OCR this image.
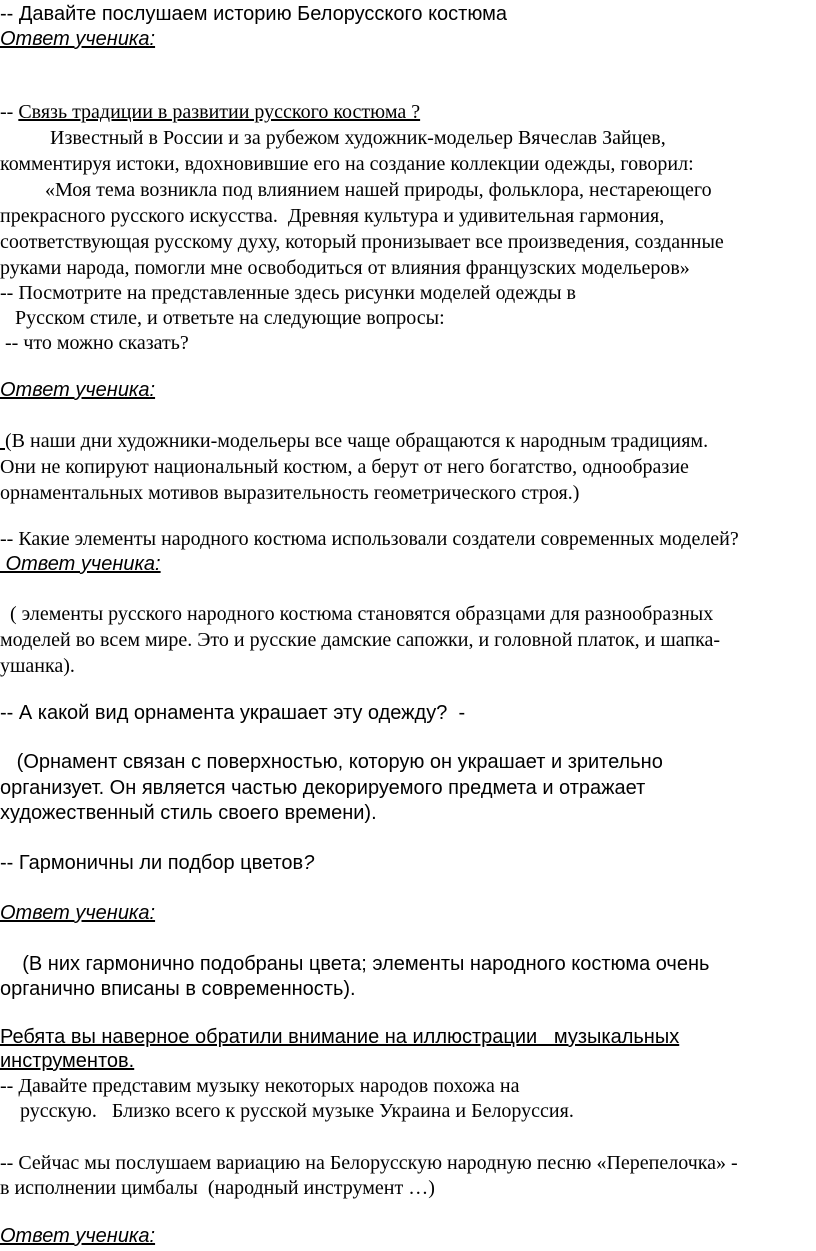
-- Давайте послушаем историю Белорусского костюма
Ответ ученика:
-- Связь традиции в развитии русского костюма ?
Известный в России и за рубежом художник-модельер Вячеслав Зайцев,
комментируя истоки, вдохновившие его на создание коллекции одежды, говорил:
«Моя тема возникла под влиянием нашей природы, фольклора, нестареющего
прекрасного русского искусства.  Древняя культура и удивительная гармония,
соответствующая русскому духу, который пронизывает все произведения, созданные
руками народа, помогли мне освободиться от влияния французских модельеров»
-- Посмотрите на представленные здесь рисунки моделей одежды в
Русском стиле, и ответьте на следующие вопросы:
-- что можно сказать?
Ответ ученика:
(В наши дни художники-модельеры все чаще обращаются к народным традициям.
Они не копируют национальный костюм, а берут от него богатство, однообразие
орнаментальных мотивов выразительность геометрического строя.)
-- Какие элементы народного костюма использовали создатели современных моделей?
Ответ ученика:
( элементы русского народного костюма становятся образцами для разнообразных
моделей во всем мире. Это и русские дамские сапожки, и головной платок, и шапка-
ушанка).
-- А какой вид орнамента украшает эту одежду?  -
(Орнамент связан с поверхностью, которую он украшает и зрительно
организует. Он является частью декорируемого предмета и отражает
художественный стиль своего времени).
-- Гармоничны ли подбор цветов?
Ответ ученика:
(В них гармонично подобраны цвета; элементы народного костюма очень
органично вписаны в современность).
Ребята вы наверное обратили внимание на иллюстрации   музыкальных
инструментов.
-- Давайте представим музыку некоторых народов похожа на
русскую.   Близко всего к русской музыке Украина и Белоруссия.
-- Сейчас мы послушаем вариацию на Белорусскую народную песню «Перепелочка» -
в исполнении цимбалы  (народный инструмент …)
Ответ ученика:
